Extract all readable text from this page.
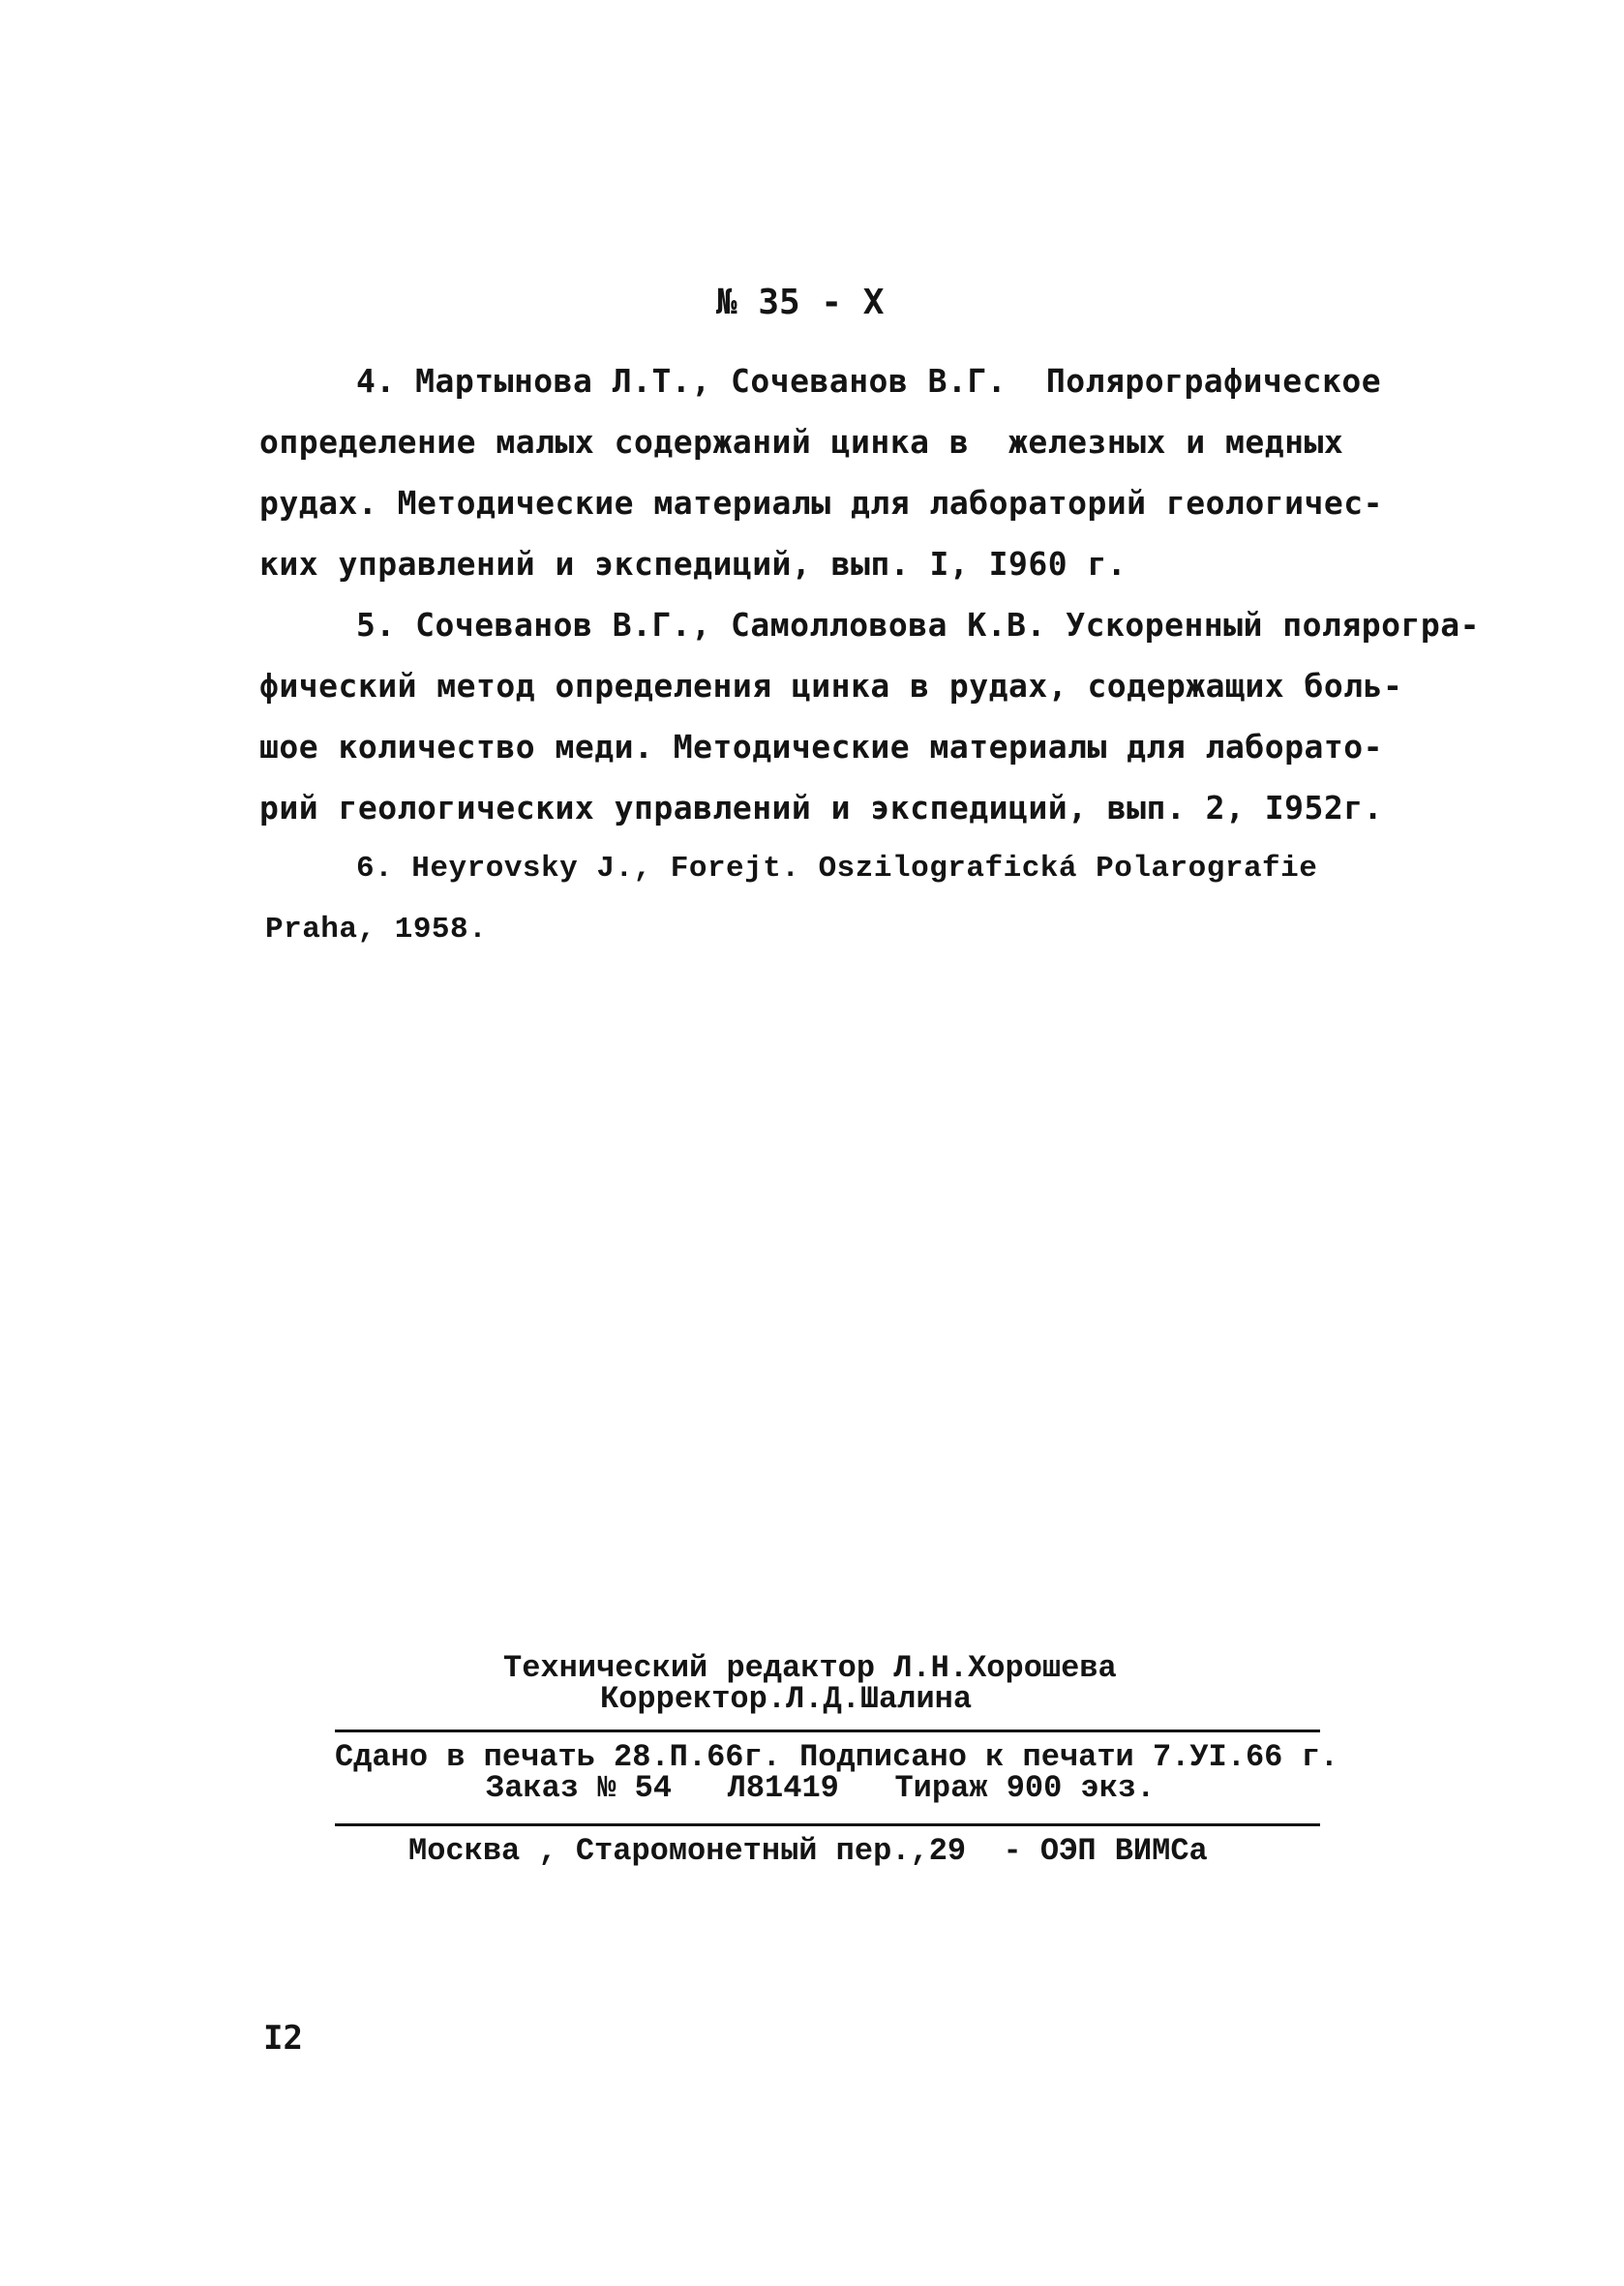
№ 35 - Х
4. Мартынова Л.Т., Сочеванов В.Г.  Полярографическое
определение малых содержаний цинка в  железных и медных
рудах. Методические материалы для лабораторий геологичес-
ких управлений и экспедиций, вып. I, I960 г.
5. Сочеванов В.Г., Самолловова К.В. Ускоренный полярогра-
фический метод определения цинка в рудах, содержащих боль-
шое количество меди. Методические материалы для лаборато-
рий геологических управлений и экспедиций, вып. 2, I952г.
6. Heyrovsky J., Forejt. Oszilografická Polarografie
Praha, 1958.
Технический редактор Л.Н.Хорошева
Корректор.Л.Д.Шалина
Сдано в печать 28.П.66г. Подписано к печати 7.УI.66 г.
Заказ № 54   Л81419   Тираж 900 экз.
Москва , Старомонетный пер.,29  - ОЭП ВИМСа
I2
